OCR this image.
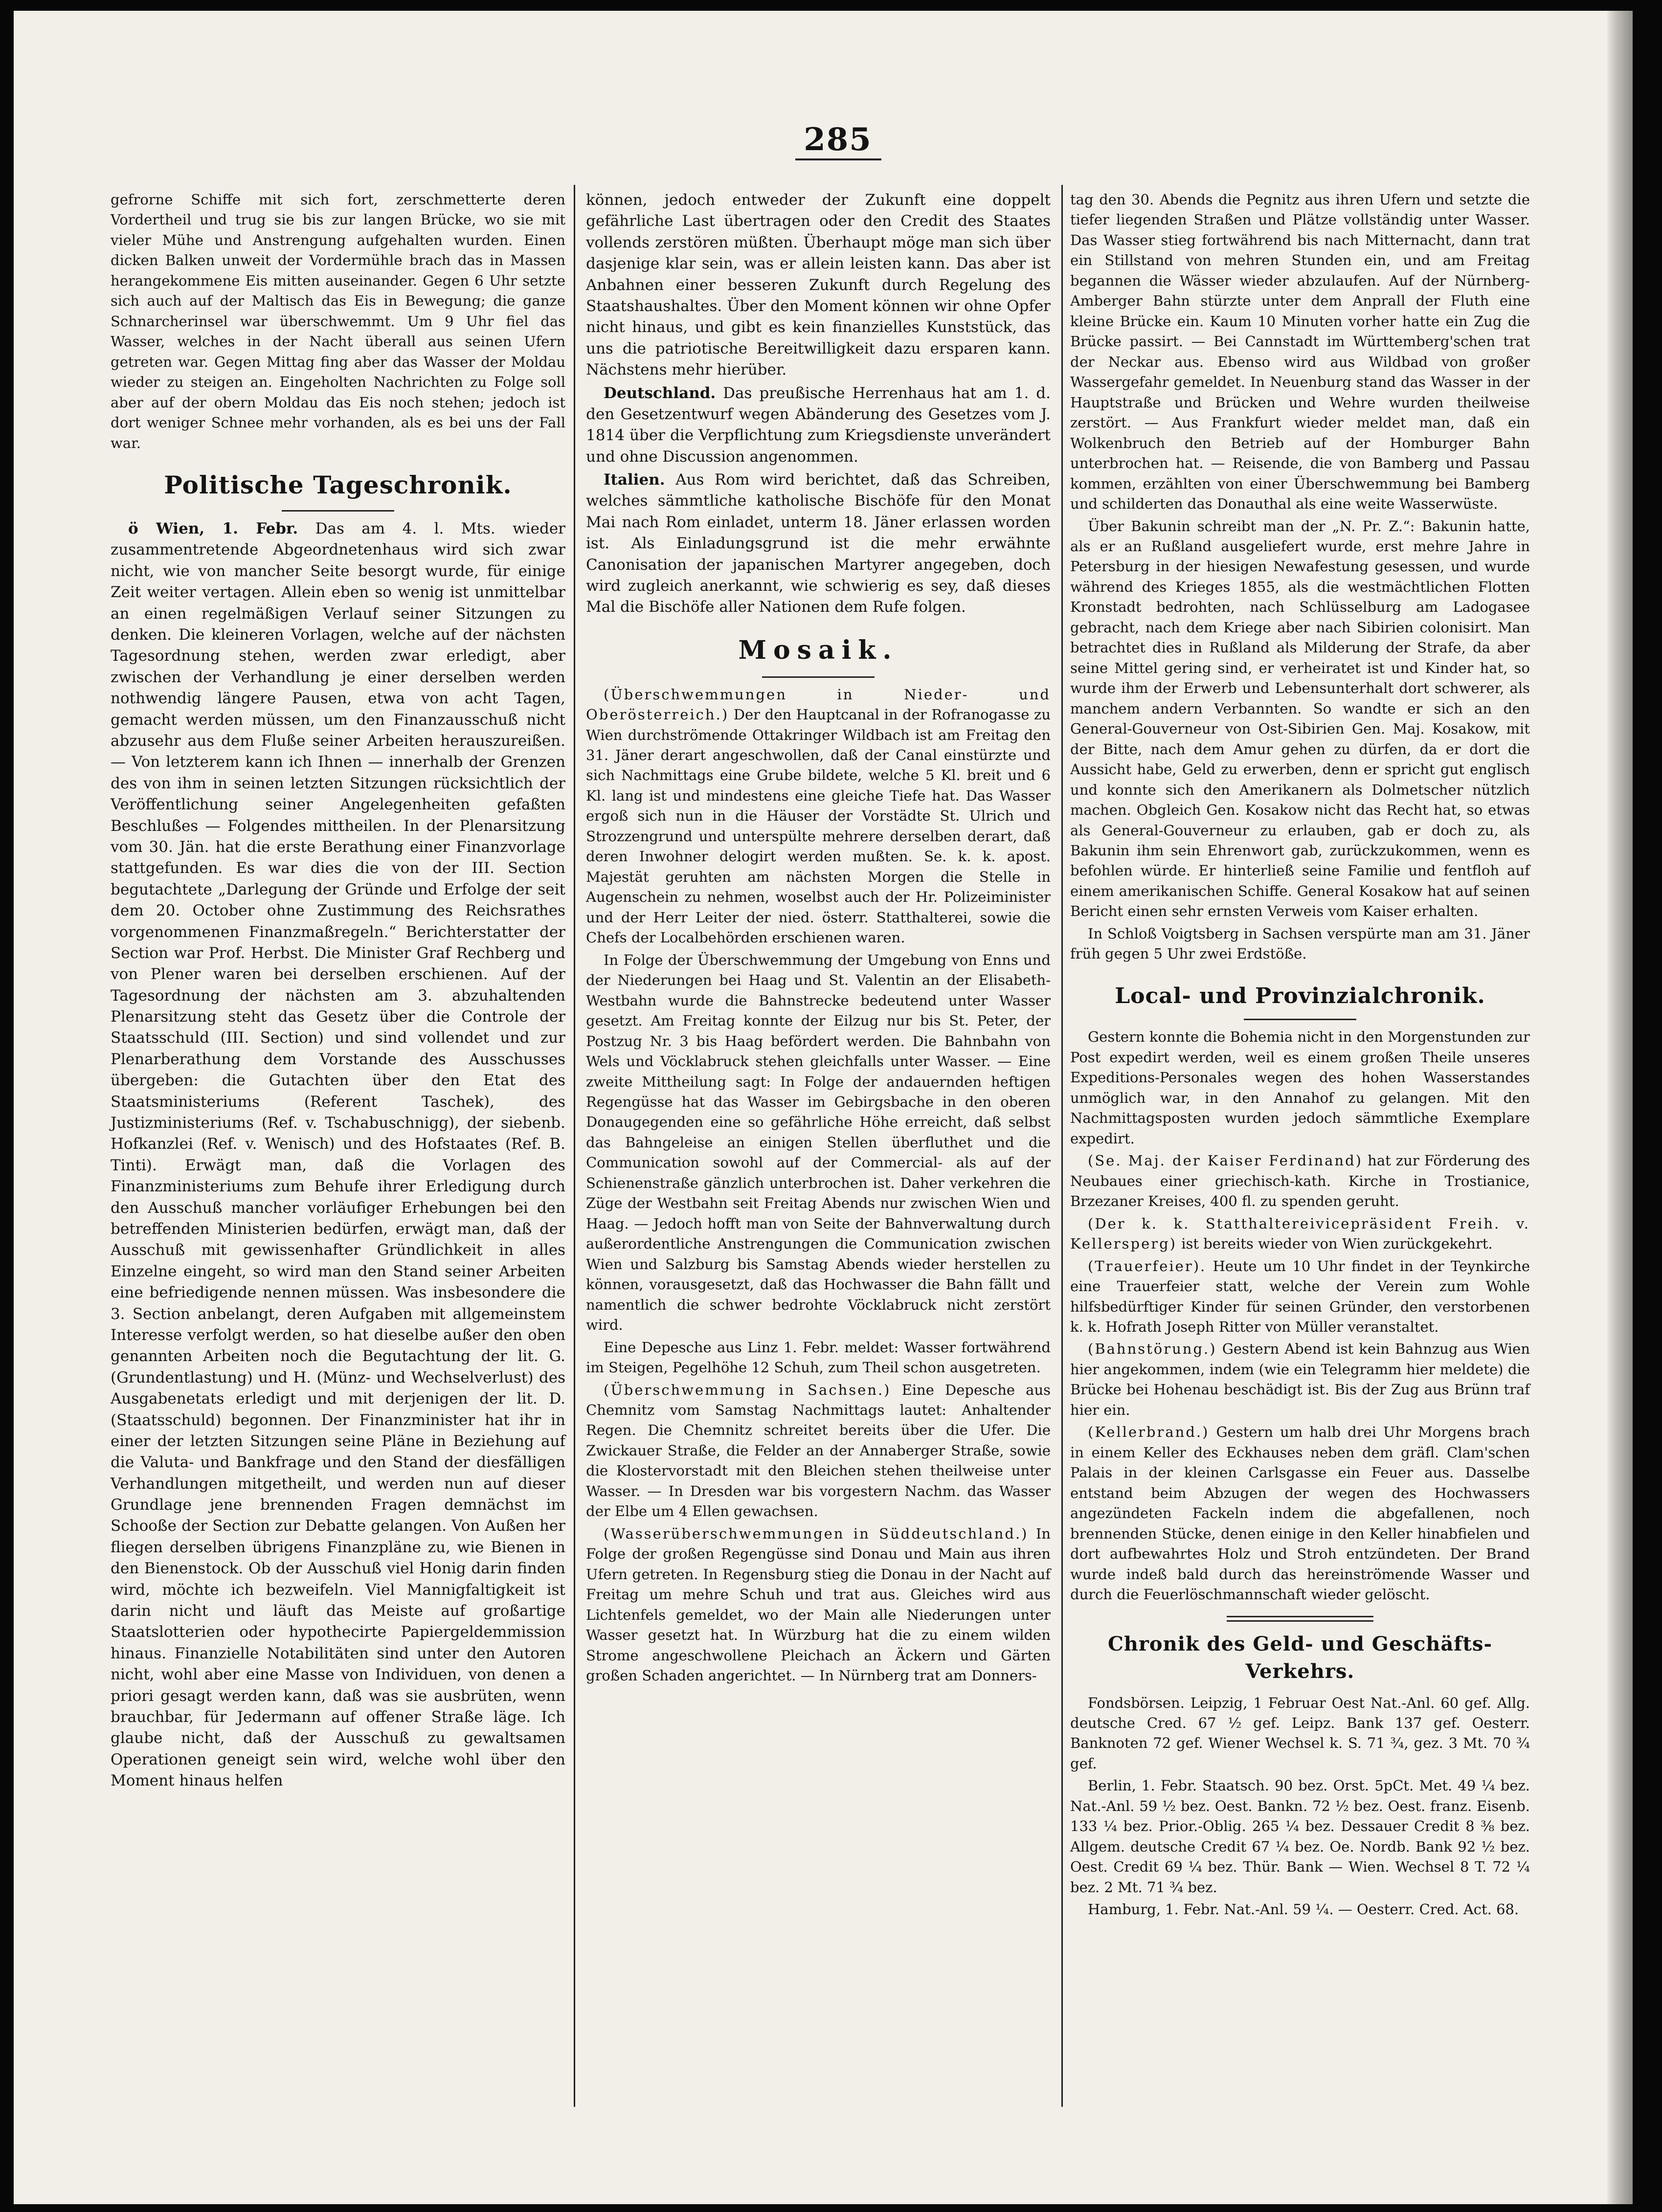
285

gefrorne Schiffe mit sich fort, zerschmetterte deren Vordertheil und trug sie bis zur langen Brücke, wo sie mit vieler Mühe und Anstrengung aufgehalten wurden. Einen dicken Balken unweit der Vordermühle brach das in Massen herangekommene Eis mitten auseinander. Gegen 6 Uhr setzte sich auch auf der Maltisch das Eis in Bewegung; die ganze Schnarcherinsel war überschwemmt. Um 9 Uhr fiel das Wasser, welches in der Nacht überall aus seinen Ufern getreten war. Gegen Mittag fing aber das Wasser der Moldau wieder zu steigen an. Eingeholten Nachrichten zu Folge soll aber auf der obern Moldau das Eis noch stehen; jedoch ist dort weniger Schnee mehr vorhanden, als es bei uns der Fall war.

Politische Tageschronik.

ö Wien, 1. Febr. Das am 4. l. Mts. wieder zusammentretende Abgeordnetenhaus wird sich zwar nicht, wie von mancher Seite besorgt wurde, für einige Zeit weiter vertagen. Allein eben so wenig ist unmittelbar an einen regelmäßigen Verlauf seiner Sitzungen zu denken. Die kleineren Vorlagen, welche auf der nächsten Tagesordnung stehen, werden zwar erledigt, aber zwischen der Verhandlung je einer derselben werden nothwendig längere Pausen, etwa von acht Tagen, gemacht werden müssen, um den Finanzausschuß nicht abzusehr aus dem Fluße seiner Arbeiten herauszureißen. — Von letzterem kann ich Ihnen — innerhalb der Grenzen des von ihm in seinen letzten Sitzungen rücksichtlich der Veröffentlichung seiner Angelegenheiten gefaßten Beschlußes — Folgendes mittheilen. In der Plenarsitzung vom 30. Jän. hat die erste Berathung einer Finanzvorlage stattgefunden. Es war dies die von der III. Section begutachtete „Darlegung der Gründe und Erfolge der seit dem 20. October ohne Zustimmung des Reichsrathes vorgenommenen Finanzmaßregeln.“ Berichterstatter der Section war Prof. Herbst. Die Minister Graf Rechberg und von Plener waren bei derselben erschienen. Auf der Tagesordnung der nächsten am 3. abzuhaltenden Plenarsitzung steht das Gesetz über die Controle der Staatsschuld (III. Section) und sind vollendet und zur Plenarberathung dem Vorstande des Ausschusses übergeben: die Gutachten über den Etat des Staatsministeriums (Referent Taschek), des Justizministeriums (Ref. v. Tschabuschnigg), der siebenb. Hofkanzlei (Ref. v. Wenisch) und des Hofstaates (Ref. B. Tinti). Erwägt man, daß die Vorlagen des Finanzministeriums zum Behufe ihrer Erledigung durch den Ausschuß mancher vorläufiger Erhebungen bei den betreffenden Ministerien bedürfen, erwägt man, daß der Ausschuß mit gewissenhafter Gründlichkeit in alles Einzelne eingeht, so wird man den Stand seiner Arbeiten eine befriedigende nennen müssen. Was insbesondere die 3. Section anbelangt, deren Aufgaben mit allgemeinstem Interesse verfolgt werden, so hat dieselbe außer den oben genannten Arbeiten noch die Begutachtung der lit. G. (Grundentlastung) und H. (Münz- und Wechselverlust) des Ausgabenetats erledigt und mit derjenigen der lit. D. (Staatsschuld) begonnen. Der Finanzminister hat ihr in einer der letzten Sitzungen seine Pläne in Beziehung auf die Valuta- und Bankfrage und den Stand der diesfälligen Verhandlungen mitgetheilt, und werden nun auf dieser Grundlage jene brennenden Fragen demnächst im Schooße der Section zur Debatte gelangen. Von Außen her fliegen derselben übrigens Finanzpläne zu, wie Bienen in den Bienenstock. Ob der Ausschuß viel Honig darin finden wird, möchte ich bezweifeln. Viel Mannigfaltigkeit ist darin nicht und läuft das Meiste auf großartige Staatslotterien oder hypothecirte Papiergeldemmission hinaus. Finanzielle Notabilitäten sind unter den Autoren nicht, wohl aber eine Masse von Individuen, von denen a priori gesagt werden kann, daß was sie ausbrüten, wenn brauchbar, für Jedermann auf offener Straße läge. Ich glaube nicht, daß der Ausschuß zu gewaltsamen Operationen geneigt sein wird, welche wohl über den Moment hinaus helfen

können, jedoch entweder der Zukunft eine doppelt gefährliche Last übertragen oder den Credit des Staates vollends zerstören müßten. Überhaupt möge man sich über dasjenige klar sein, was er allein leisten kann. Das aber ist Anbahnen einer besseren Zukunft durch Regelung des Staatshaushaltes. Über den Moment können wir ohne Opfer nicht hinaus, und gibt es kein finanzielles Kunststück, das uns die patriotische Bereitwilligkeit dazu ersparen kann. Nächstens mehr hierüber.

Deutschland. Das preußische Herrenhaus hat am 1. d. den Gesetzentwurf wegen Abänderung des Gesetzes vom J. 1814 über die Verpflichtung zum Kriegsdienste unverändert und ohne Discussion angenommen.

Italien. Aus Rom wird berichtet, daß das Schreiben, welches sämmtliche katholische Bischöfe für den Monat Mai nach Rom einladet, unterm 18. Jäner erlassen worden ist. Als Einladungsgrund ist die mehr erwähnte Canonisation der japanischen Martyrer angegeben, doch wird zugleich anerkannt, wie schwierig es sey, daß dieses Mal die Bischöfe aller Nationen dem Rufe folgen.

Mosaik.

(Überschwemmungen in Nieder- und Oberösterreich.) Der den Hauptcanal in der Rofranogasse zu Wien durchströmende Ottakringer Wildbach ist am Freitag den 31. Jäner derart angeschwollen, daß der Canal einstürzte und sich Nachmittags eine Grube bildete, welche 5 Kl. breit und 6 Kl. lang ist und mindestens eine gleiche Tiefe hat. Das Wasser ergoß sich nun in die Häuser der Vorstädte St. Ulrich und Strozzengrund und unterspülte mehrere derselben derart, daß deren Inwohner delogirt werden mußten. Se. k. k. apost. Majestät geruhten am nächsten Morgen die Stelle in Augenschein zu nehmen, woselbst auch der Hr. Polizeiminister und der Herr Leiter der nied. österr. Statthalterei, sowie die Chefs der Localbehörden erschienen waren.

In Folge der Überschwemmung der Umgebung von Enns und der Niederungen bei Haag und St. Valentin an der Elisabeth-Westbahn wurde die Bahnstrecke bedeutend unter Wasser gesetzt. Am Freitag konnte der Eilzug nur bis St. Peter, der Postzug Nr. 3 bis Haag befördert werden. Die Bahnbahn von Wels und Vöcklabruck stehen gleichfalls unter Wasser. — Eine zweite Mittheilung sagt: In Folge der andauernden heftigen Regengüsse hat das Wasser im Gebirgsbache in den oberen Donaugegenden eine so gefährliche Höhe erreicht, daß selbst das Bahngeleise an einigen Stellen überfluthet und die Communication sowohl auf der Commercial- als auf der Schienenstraße gänzlich unterbrochen ist. Daher verkehren die Züge der Westbahn seit Freitag Abends nur zwischen Wien und Haag. — Jedoch hofft man von Seite der Bahnverwaltung durch außerordentliche Anstrengungen die Communication zwischen Wien und Salzburg bis Samstag Abends wieder herstellen zu können, vorausgesetzt, daß das Hochwasser die Bahn fällt und namentlich die schwer bedrohte Vöcklabruck nicht zerstört wird.

Eine Depesche aus Linz 1. Febr. meldet: Wasser fortwährend im Steigen, Pegelhöhe 12 Schuh, zum Theil schon ausgetreten.

(Überschwemmung in Sachsen.) Eine Depesche aus Chemnitz vom Samstag Nachmittags lautet: Anhaltender Regen. Die Chemnitz schreitet bereits über die Ufer. Die Zwickauer Straße, die Felder an der Annaberger Straße, sowie die Klostervorstadt mit den Bleichen stehen theilweise unter Wasser. — In Dresden war bis vorgestern Nachm. das Wasser der Elbe um 4 Ellen gewachsen.

(Wasserüberschwemmungen in Süddeutschland.) In Folge der großen Regengüsse sind Donau und Main aus ihren Ufern getreten. In Regensburg stieg die Donau in der Nacht auf Freitag um mehre Schuh und trat aus. Gleiches wird aus Lichtenfels gemeldet, wo der Main alle Niederungen unter Wasser gesetzt hat. In Würzburg hat die zu einem wilden Strome angeschwollene Pleichach an Äckern und Gärten großen Schaden angerichtet. — In Nürnberg trat am Donners-

tag den 30. Abends die Pegnitz aus ihren Ufern und setzte die tiefer liegenden Straßen und Plätze vollständig unter Wasser. Das Wasser stieg fortwährend bis nach Mitternacht, dann trat ein Stillstand von mehren Stunden ein, und am Freitag begannen die Wässer wieder abzulaufen. Auf der Nürnberg-Amberger Bahn stürzte unter dem Anprall der Fluth eine kleine Brücke ein. Kaum 10 Minuten vorher hatte ein Zug die Brücke passirt. — Bei Cannstadt im Württemberg'schen trat der Neckar aus. Ebenso wird aus Wildbad von großer Wassergefahr gemeldet. In Neuenburg stand das Wasser in der Hauptstraße und Brücken und Wehre wurden theilweise zerstört. — Aus Frankfurt wieder meldet man, daß ein Wolkenbruch den Betrieb auf der Homburger Bahn unterbrochen hat. — Reisende, die von Bamberg und Passau kommen, erzählten von einer Überschwemmung bei Bamberg und schilderten das Donauthal als eine weite Wasserwüste.

Über Bakunin schreibt man der „N. Pr. Z.“: Bakunin hatte, als er an Rußland ausgeliefert wurde, erst mehre Jahre in Petersburg in der hiesigen Newafestung gesessen, und wurde während des Krieges 1855, als die westmächtlichen Flotten Kronstadt bedrohten, nach Schlüsselburg am Ladogasee gebracht, nach dem Kriege aber nach Sibirien colonisirt. Man betrachtet dies in Rußland als Milderung der Strafe, da aber seine Mittel gering sind, er verheiratet ist und Kinder hat, so wurde ihm der Erwerb und Lebensunterhalt dort schwerer, als manchem andern Verbannten. So wandte er sich an den General-Gouverneur von Ost-Sibirien Gen. Maj. Kosakow, mit der Bitte, nach dem Amur gehen zu dürfen, da er dort die Aussicht habe, Geld zu erwerben, denn er spricht gut englisch und konnte sich den Amerikanern als Dolmetscher nützlich machen. Obgleich Gen. Kosakow nicht das Recht hat, so etwas als General-Gouverneur zu erlauben, gab er doch zu, als Bakunin ihm sein Ehrenwort gab, zurückzukommen, wenn es befohlen würde. Er hinterließ seine Familie und fentfloh auf einem amerikanischen Schiffe. General Kosakow hat auf seinen Bericht einen sehr ernsten Verweis vom Kaiser erhalten.

In Schloß Voigtsberg in Sachsen verspürte man am 31. Jäner früh gegen 5 Uhr zwei Erdstöße.

Local- und Provinzialchronik.

Gestern konnte die Bohemia nicht in den Morgenstunden zur Post expedirt werden, weil es einem großen Theile unseres Expeditions-Personales wegen des hohen Wasserstandes unmöglich war, in den Annahof zu gelangen. Mit den Nachmittagsposten wurden jedoch sämmtliche Exemplare expedirt.

(Se. Maj. der Kaiser Ferdinand) hat zur Förderung des Neubaues einer griechisch-kath. Kirche in Trostianice, Brzezaner Kreises, 400 fl. zu spenden geruht.

(Der k. k. Statthaltereivicepräsident Freih. v. Kellersperg) ist bereits wieder von Wien zurückgekehrt.

(Trauerfeier). Heute um 10 Uhr findet in der Teynkirche eine Trauerfeier statt, welche der Verein zum Wohle hilfsbedürftiger Kinder für seinen Gründer, den verstorbenen k. k. Hofrath Joseph Ritter von Müller veranstaltet.

(Bahnstörung.) Gestern Abend ist kein Bahnzug aus Wien hier angekommen, indem (wie ein Telegramm hier meldete) die Brücke bei Hohenau beschädigt ist. Bis der Zug aus Brünn traf hier ein.

(Kellerbrand.) Gestern um halb drei Uhr Morgens brach in einem Keller des Eckhauses neben dem gräfl. Clam'schen Palais in der kleinen Carlsgasse ein Feuer aus. Dasselbe entstand beim Abzugen der wegen des Hochwassers angezündeten Fackeln indem die abgefallenen, noch brennenden Stücke, denen einige in den Keller hinabfielen und dort aufbewahrtes Holz und Stroh entzündeten. Der Brand wurde indeß bald durch das hereinströmende Wasser und durch die Feuerlöschmannschaft wieder gelöscht.

Chronik des Geld- und Geschäfts-Verkehrs.

Fondsbörsen. Leipzig, 1 Februar Oest Nat.-Anl. 60 gef. Allg. deutsche Cred. 67 ½ gef. Leipz. Bank 137 gef. Oesterr. Banknoten 72 gef. Wiener Wechsel k. S. 71 ¾, gez. 3 Mt. 70 ¾ gef.

Berlin, 1. Febr. Staatsch. 90 bez. Orst. 5pCt. Met. 49 ¼ bez. Nat.-Anl. 59 ½ bez. Oest. Bankn. 72 ½ bez. Oest. franz. Eisenb. 133 ¼ bez. Prior.-Oblig. 265 ¼ bez. Dessauer Credit 8 ⅜ bez. Allgem. deutsche Credit 67 ¼ bez. Oe. Nordb. Bank 92 ½ bez. Oest. Credit 69 ¼ bez. Thür. Bank — Wien. Wechsel 8 T. 72 ¼ bez. 2 Mt. 71 ¾ bez.

Hamburg, 1. Febr. Nat.-Anl. 59 ¼. — Oesterr. Cred. Act. 68.
